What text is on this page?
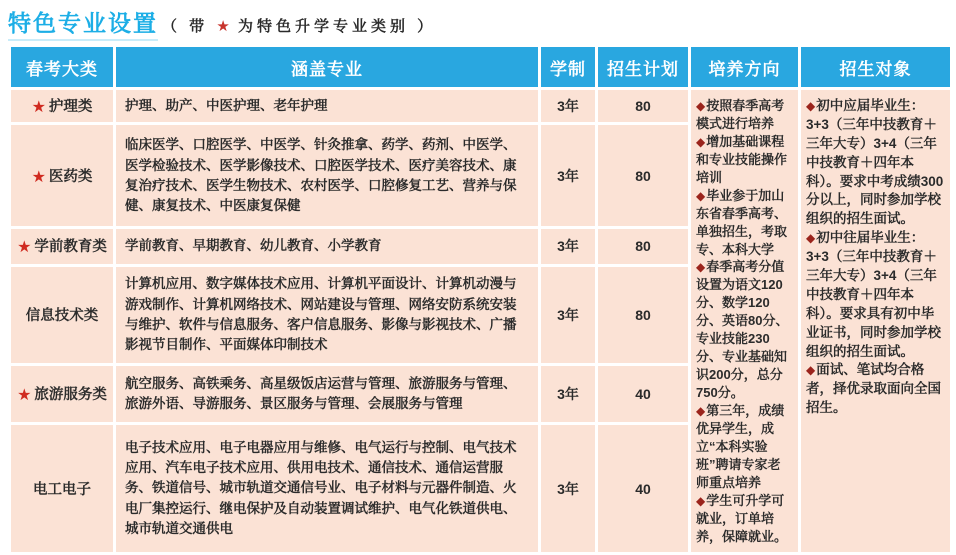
特色专业设置 （ 带 ★ 为特色升学专业类别 ）
春考大类	涵盖专业	学制	招生计划	培养方向	招生对象
★ 护理类	护理、助产、中医护理、老年护理	3年	80	◆按照春季高考模式进行培养
◆增加基础课程和专业技能操作培训
◆毕业参于加山东省春季高考、单独招生，考取专、本科大学
◆春季高考分值设置为语文120分、数学120分、英语80分、专业技能230分、专业基础知识200分，总分750分。
◆第三年，成绩优异学生，成立“本科实验班”聘请专家老师重点培养
◆学生可升学可就业，订单培养，保障就业。

◆初中应届毕业生：3+3（三年中技教育＋三年大专）3+4（三年中技教育＋四年本科）。要求中考成绩300分以上，同时参加学校组织的招生面试。
◆初中往届毕业生：3+3（三年中技教育＋三年大专）3+4（三年中技教育＋四年本科）。要求具有初中毕业证书，同时参加学校组织的招生面试。
◆面试、笔试均合格者，择优录取面向全国招生。

★ 医药类	临床医学、口腔医学、中医学、针灸推拿、药学、药剂、中医学、医学检验技术、医学影像技术、口腔医学技术、医疗美容技术、康复治疗技术、医学生物技术、农村医学、口腔修复工艺、营养与保健、康复技术、中医康复保健	3年	80		
★ 学前教育类	学前教育、早期教育、幼儿教育、小学教育	3年	80		
信息技术类	计算机应用、数字媒体技术应用、计算机平面设计、计算机动漫与游戏制作、计算机网络技术、网站建设与管理、网络安防系统安装与维护、软件与信息服务、客户信息服务、影像与影视技术、广播影视节目制作、平面媒体印制技术	3年	80		
★ 旅游服务类	航空服务、高铁乘务、高星级饭店运营与管理、旅游服务与管理、旅游外语、导游服务、景区服务与管理、会展服务与管理	3年	40		
电工电子	电子技术应用、电子电器应用与维修、电气运行与控制、电气技术应用、汽车电子技术应用、供用电技术、通信技术、通信运营服务、铁道信号、城市轨道交通信号业、电子材料与元器件制造、火电厂集控运行、继电保护及自动装置调试维护、电气化铁道供电、城市轨道交通供电	3年	40		
